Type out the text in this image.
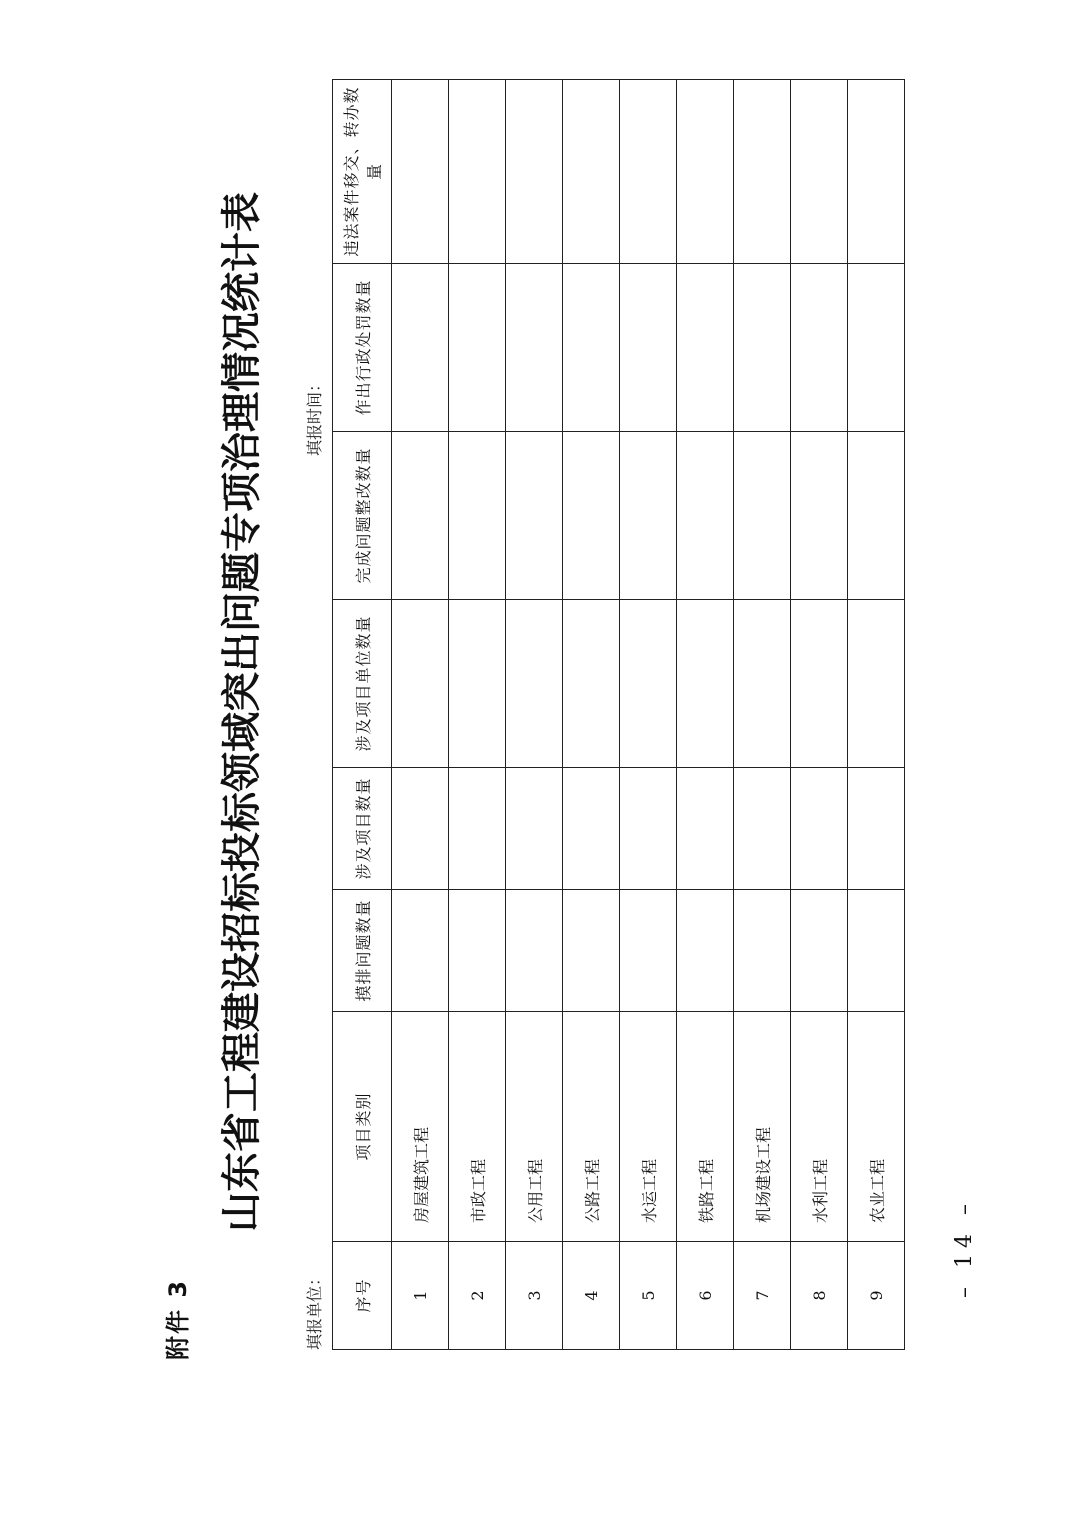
附件 3
山东省工程建设招标投标领域突出问题专项治理情况统计表
填报单位：
填报时间：
序号	项目类别	摸排问题数量	涉及项目数量	涉及项目单位数量	完成问题整改数量	作出行政处罚数量	违法案件移交、转办数量
1	房屋建筑工程						
2	市政工程						
3	公用工程						
4	公路工程						
5	水运工程						
6	铁路工程						
7	机场建设工程						
8	水利工程						
9	农业工程						
– 14 –
